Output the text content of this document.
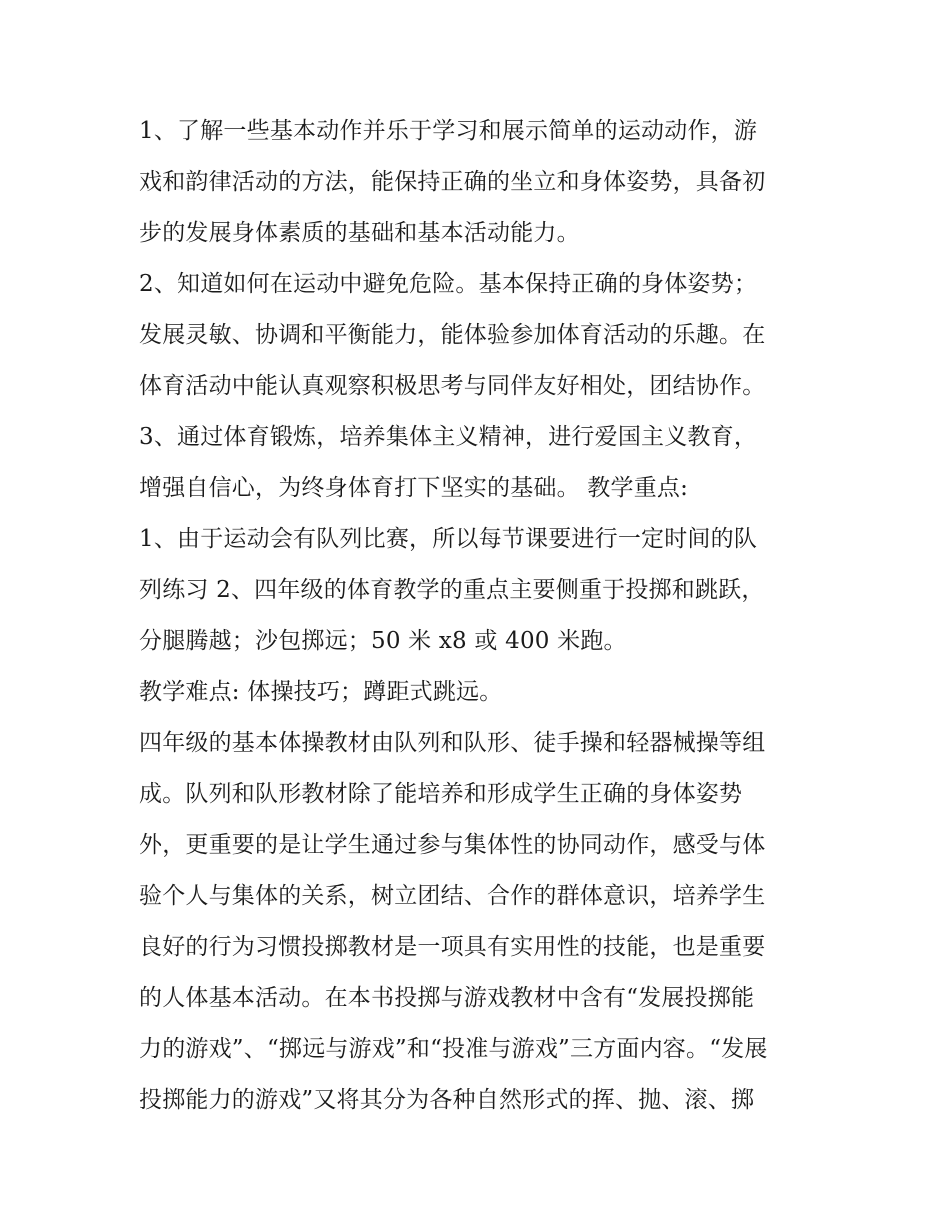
1、了解一些基本动作并乐于学习和展示简单的运动动作，游
戏和韵律活动的方法，能保持正确的坐立和身体姿势，具备初
步的发展身体素质的基础和基本活动能力。
2、知道如何在运动中避免危险。基本保持正确的身体姿势；
发展灵敏、协调和平衡能力，能体验参加体育活动的乐趣。在
体育活动中能认真观察积极思考与同伴友好相处，团结协作。
3、通过体育锻炼，培养集体主义精神，进行爱国主义教育，
增强自信心，为终身体育打下坚实的基础。 教学重点:
1、由于运动会有队列比赛，所以每节课要进行一定时间的队
列练习 2、四年级的体育教学的重点主要侧重于投掷和跳跃，
分腿腾越；沙包掷远；50 米 x8 或 400 米跑。
教学难点: 体操技巧；蹲距式跳远。
四年级的基本体操教材由队列和队形、徒手操和轻器械操等组
成。队列和队形教材除了能培养和形成学生正确的身体姿势
外，更重要的是让学生通过参与集体性的协同动作，感受与体
验个人与集体的关系，树立团结、合作的群体意识，培养学生
良好的行为习惯投掷教材是一项具有实用性的技能，也是重要
的人体基本活动。在本书投掷与游戏教材中含有“发展投掷能
力的游戏”、“掷远与游戏”和“投准与游戏”三方面内容。“发展
投掷能力的游戏”又将其分为各种自然形式的挥、抛、滚、掷
